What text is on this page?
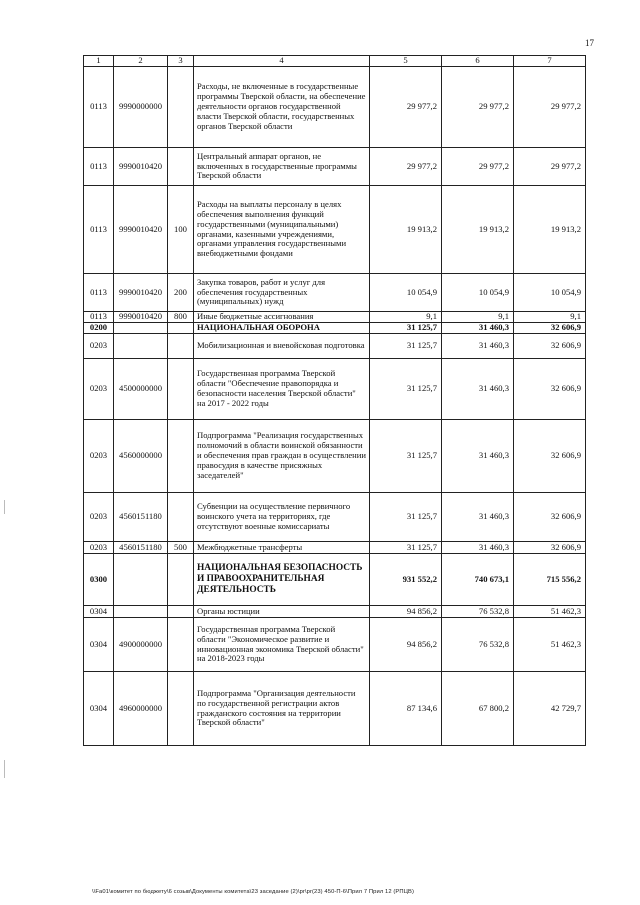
17
1	2	3	4	5	6	7
0113	9990000000		Расходы, не включенные в государственные программы Тверской области, на обеспечение деятельности органов государственной власти Тверской области, государственных органов Тверской области	29 977,2	29 977,2	29 977,2
0113	9990010420		Центральный аппарат органов, не включенных в государственные программы Тверской области	29 977,2	29 977,2	29 977,2
0113	9990010420	100	Расходы на выплаты персоналу в целях обеспечения выполнения функций государственными (муниципальными) органами, казенными учреждениями, органами управления государственными внебюджетными фондами	19 913,2	19 913,2	19 913,2
0113	9990010420	200	Закупка товаров, работ и услуг для обеспечения государственных (муниципальных) нужд	10 054,9	10 054,9	10 054,9
0113	9990010420	800	Иные бюджетные ассигнования	9,1	9,1	9,1
0200			НАЦИОНАЛЬНАЯ ОБОРОНА	31 125,7	31 460,3	32 606,9
0203			Мобилизационная и вневойсковая подготовка	31 125,7	31 460,3	32 606,9
0203	4500000000		Государственная программа Тверской области "Обеспечение правопорядка и безопасности населения Тверской области" на 2017 - 2022 годы	31 125,7	31 460,3	32 606,9
0203	4560000000		Подпрограмма "Реализация государственных полномочий в области воинской обязанности и обеспечения прав граждан в осуществлении правосудия в качестве присяжных заседателей"	31 125,7	31 460,3	32 606,9
0203	4560151180		Субвенции на осуществление первичного воинского учета на территориях, где отсутствуют военные комиссариаты	31 125,7	31 460,3	32 606,9
0203	4560151180	500	Межбюджетные трансферты	31 125,7	31 460,3	32 606,9
0300			НАЦИОНАЛЬНАЯ БЕЗОПАСНОСТЬ И ПРАВООХРАНИТЕЛЬНАЯ ДЕЯТЕЛЬНОСТЬ	931 552,2	740 673,1	715 556,2
0304			Органы юстиции	94 856,2	76 532,8	51 462,3
0304	4900000000		Государственная программа Тверской области "Экономическое развитие и инновационная экономика Тверской области" на 2018-2023 годы	94 856,2	76 532,8	51 462,3
0304	4960000000		Подпрограмма "Организация деятельности по государственной регистрации актов гражданского состояния на территории Тверской области"	87 134,6	67 800,2	42 729,7
\\Fa01\комитет по бюджету\6 созыв\Документы комитета\23 заседание (2)\pr\pr(23) 450-П-6\Прил 7 Прил 12 (РПЦВ)
